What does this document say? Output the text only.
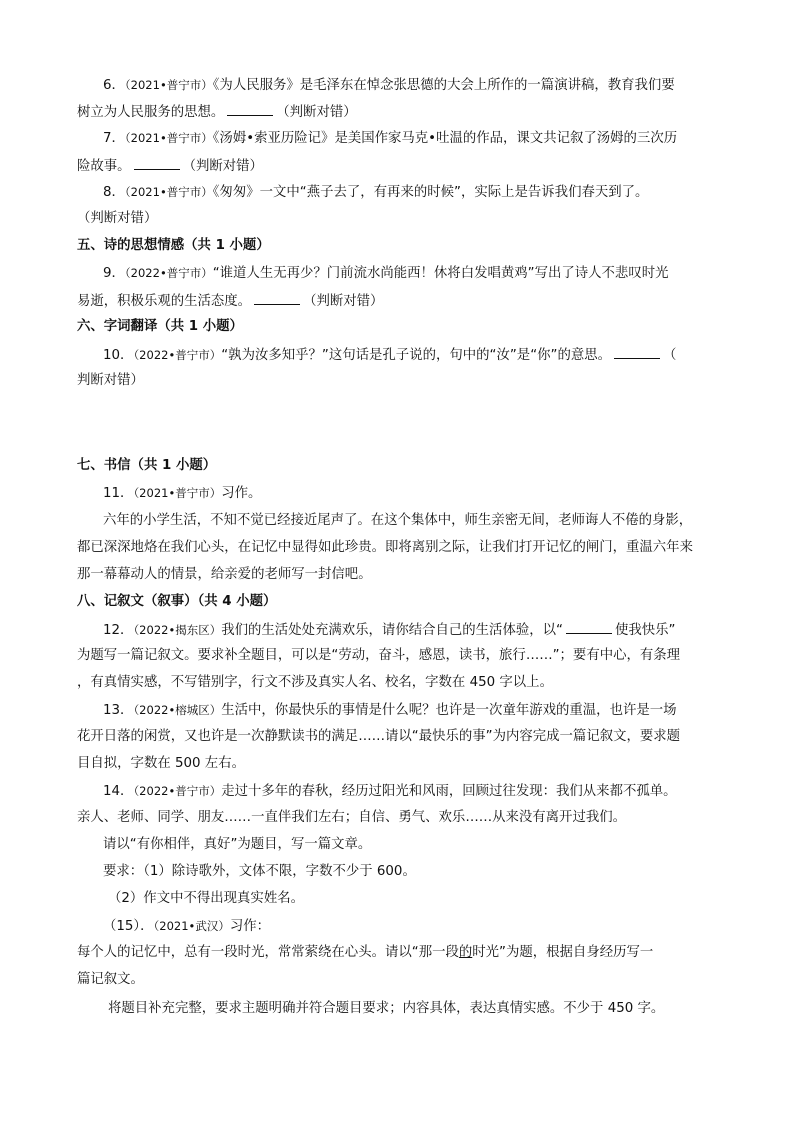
6．（2021•普宁市）《为人民服务》是毛泽东在悼念张思德的大会上所作的一篇演讲稿，教育我们要
树立为人民服务的思想。	（判断对错）
7．（2021•普宁市）《汤姆•索亚历险记》是美国作家马克•吐温的作品，课文共记叙了汤姆的三次历
险故事。	（判断对错）
8．（2021•普宁市）《匆匆》一文中“燕子去了，有再来的时候”，实际上是告诉我们春天到了。
（判断对错）
五、诗的思想情感（共 1 小题）
9．（2022•普宁市）“谁道人生无再少？门前流水尚能西！休将白发唱黄鸡”写出了诗人不悲叹时光
易逝，积极乐观的生活态度。	（判断对错）
六、字词翻译（共 1 小题）
10．（2022•普宁市）“孰为汝多知乎？”这句话是孔子说的，句中的“汝”是“你”的意思。	（
判断对错）
七、书信（共 1 小题）
11．（2021•普宁市）习作。
六年的小学生活，不知不觉已经接近尾声了。在这个集体中，师生亲密无间，老师诲人不倦的身影，
都已深深地烙在我们心头，在记忆中显得如此珍贵。即将离别之际，让我们打开记忆的闸门，重温六年来
那一幕幕动人的情景，给亲爱的老师写一封信吧。
八、记叙文（叙事）（共 4 小题）
12．（2022•揭东区）我们的生活处处充满欢乐，请你结合自己的生活体验，以“	使我快乐”
为题写一篇记叙文。要求补全题目，可以是“劳动，奋斗，感恩，读书，旅行……”；要有中心，有条理
，有真情实感，不写错别字，行文不涉及真实人名、校名，字数在 450 字以上。
13．（2022•榕城区）生活中，你最快乐的事情是什么呢？也许是一次童年游戏的重温，也许是一场
花开日落的闲赏，又也许是一次静默读书的满足……请以“最快乐的事”为内容完成一篇记叙文，要求题
目自拟，字数在 500 左右。
14．（2022•普宁市）走过十多年的春秋，经历过阳光和风雨，回顾过往发现：我们从来都不孤单。
亲人、老师、同学、朋友……一直伴我们左右；自信、勇气、欢乐……从来没有离开过我们。
请以“有你相伴，真好”为题目，写一篇文章。
要求：（1）除诗歌外，文体不限，字数不少于 600。
（2）作文中不得出现真实姓名。
（15）．（2021•武汉）习作：
每个人的记忆中，总有一段时光，常常萦绕在心头。请以“那一段的时光”为题，根据自身经历写一
篇记叙文。
将题目补充完整，要求主题明确并符合题目要求；内容具体，表达真情实感。不少于 450 字。
